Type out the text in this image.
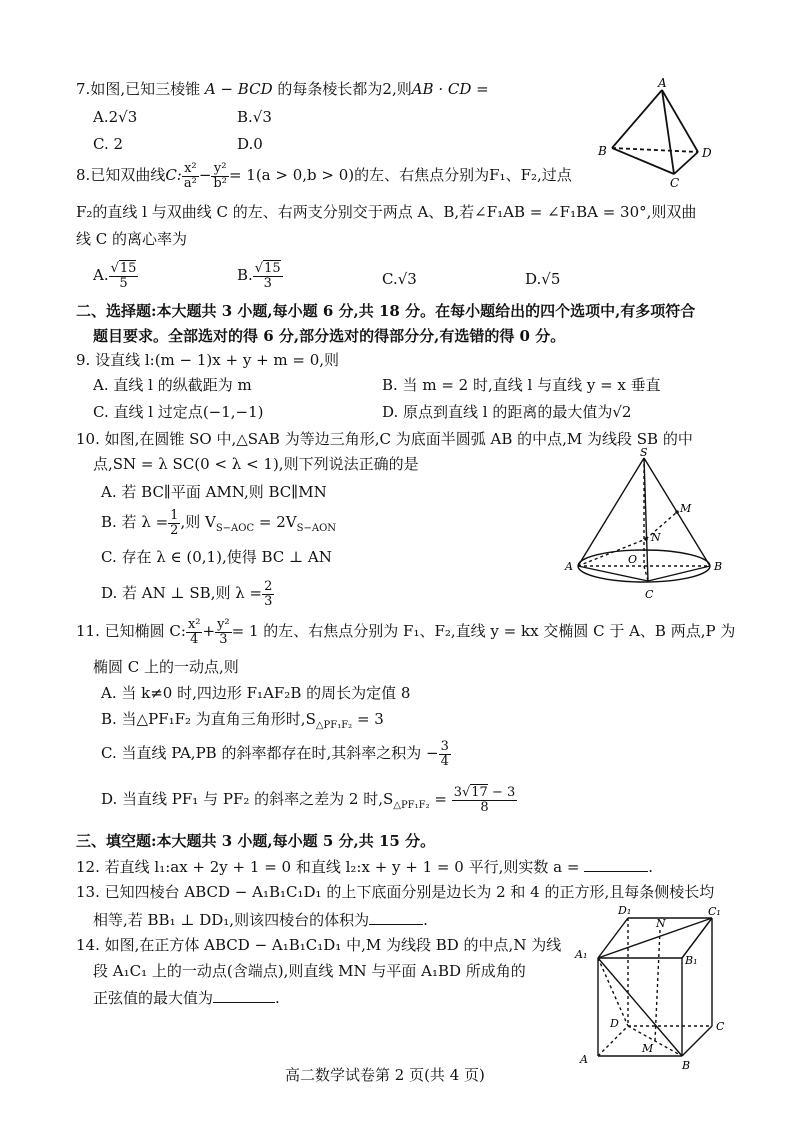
7.如图,已知三棱锥 A − BCD 的每条棱长都为2,则AB · CD =
A.2√3	B.√3
C. 2	D.0
A
B
C
D
8.已知双曲线C: $\frac{\text{x²}}{\text{a²}} - \frac{\text{y²}}{\text{b²}} = 1(a > 0,b > 0)$的左、右焦点分别为F₁、F₂,过点
F₂的直线 l 与双曲线 C 的左、右两支分别交于两点 A、B,若∠F₁AB = ∠F₁BA = 30°,则双曲
线 C 的离心率为
A. $\frac{√15}{5}$	B. $\frac{√15}{3}$	C.√3	D.√5
二、选择题:本大题共 3 小题,每小题 6 分,共 18 分。在每小题给出的四个选项中,有多项符合
题目要求。全部选对的得 6 分,部分选对的得部分分,有选错的得 0 分。
9. 设直线 l:(m − 1)x + y + m = 0,则
A. 直线 l 的纵截距为 m	B. 当 m = 2 时,直线 l 与直线 y = x 垂直
C. 直线 l 过定点(−1,−1)	D. 原点到直线 l 的距离的最大值为√2
10. 如图,在圆锥 SO 中,△SAB 为等边三角形,C 为底面半圆弧 AB 的中点,M 为线段 SB 的中
点,SN = λ SC(0 < λ < 1),则下列说法正确的是
A. 若 BC∥平面 AMN,则 BC∥MN
B. 若 $\lambda = \frac{1}{2}$ ,则 $V_{S-AOC} = 2V_{S-AON}$
C. 存在 λ ∈ (0,1),使得 BC ⊥ AN
D. 若 AN ⊥ SB,则 $\lambda = \frac{2}{3}$
S
M
N
A
O
B
C
11. 已知椭圆 C: $\frac{\text{x²}}{4} + \frac{\text{y²}}{3} = 1$ 的左、右焦点分别为 F₁、F₂,直线 y = kx 交椭圆 C 于 A、B 两点,P 为
椭圆 C 上的一动点,则
A. 当 k≠0 时,四边形 F₁AF₂B 的周长为定值 8
B. 当△PF₁F₂ 为直角三角形时$,S_{\triangle PF_1F_2} = 3$
C. 当直线 PA,PB 的斜率都存在时,其斜率之积为 − $\frac{3}{4}$
D. 当直线 PF₁ 与 PF₂ 的斜率之差为 2 时$,S_{\triangle PF_1F_2} = \frac{3√17 - 3}{8}$
三、填空题:本大题共 3 小题,每小题 5 分,共 15 分。
12. 若直线 l₁:ax + 2y + 1 = 0 和直线 l₂:x + y + 1 = 0 平行,则实数 a =	.
13. 已知四棱台 ABCD − A₁B₁C₁D₁ 的上下底面分别是边长为 2 和 4 的正方形,且每条侧棱长均
相等,若 BB₁ ⊥ DD₁,则该四棱台的体积为	.
14. 如图,在正方体 ABCD − A₁B₁C₁D₁ 中,M 为线段 BD 的中点,N 为线
段 A₁C₁ 上的一动点(含端点),则直线 MN 与平面 A₁BD 所成角的
正弦值的最大值为	.
D₁
N
C₁
A₁	B₁
D	C
A
M
B
高二数学试卷第 2 页(共 4 页)
